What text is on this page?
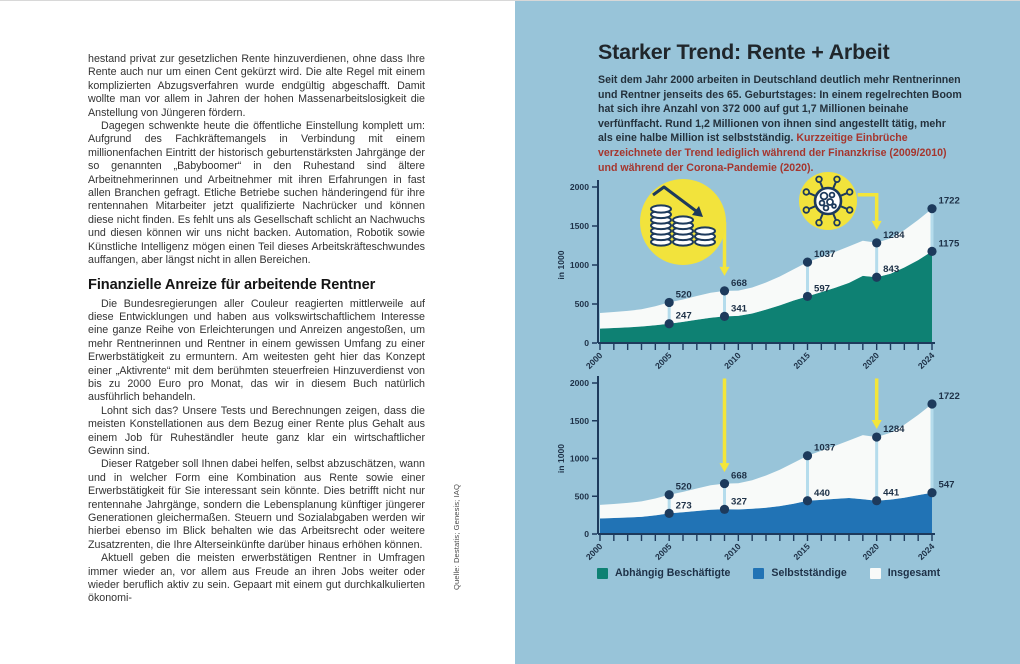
hestand privat zur gesetzlichen Rente hinzuverdienen, ohne dass Ihre Rente auch nur um einen Cent gekürzt wird. Die alte Regel mit einem komplizierten Abzugsverfahren wurde endgültig abgeschafft. Damit wollte man vor allem in Jahren der hohen Massenarbeitslosigkeit die Anstellung von Jüngeren fördern.

Dagegen schwenkte heute die öffentliche Einstellung komplett um: Aufgrund des Fachkräftemangels in Verbindung mit einem millionenfachen Eintritt der historisch geburtenstärksten Jahrgänge der so genannten „Babyboomer“ in den Ruhestand sind ältere Arbeitnehmerinnen und Arbeitnehmer mit ihren Erfahrungen in fast allen Branchen gefragt. Etliche Betriebe suchen händeringend für ihre rentennahen Mitarbeiter jetzt qualifizierte Nachrücker und können diese nicht finden. Es fehlt uns als Gesellschaft schlicht an Nachwuchs und diesen können wir uns nicht backen. Automation, Robotik sowie Künstliche Intelligenz mögen einen Teil dieses Arbeitskräfteschwundes auffangen, aber längst nicht in allen Bereichen.

Finanzielle Anreize für arbeitende Rentner

Die Bundesregierungen aller Couleur reagierten mittlerweile auf diese Entwicklungen und haben aus volkswirtschaftlichem Interesse eine ganze Reihe von Erleichterungen und Anreizen angestoßen, um mehr Rentnerinnen und Rentner in einem gewissen Umfang zu einer Erwerbstätigkeit zu ermuntern. Am weitesten geht hier das Konzept einer „Aktivrente“ mit dem berühmten steuerfreien Hinzuverdienst von bis zu 2000 Euro pro Monat, das wir in diesem Buch natürlich ausführlich behandeln.

Lohnt sich das? Unsere Tests und Berechnungen zeigen, dass die meisten Konstellationen aus dem Bezug einer Rente plus Gehalt aus einem Job für Ruheständler heute ganz klar ein wirtschaftlicher Gewinn sind.

Dieser Ratgeber soll Ihnen dabei helfen, selbst abzuschätzen, wann und in welcher Form eine Kombination aus Rente sowie einer Erwerbstätigkeit für Sie interessant sein könnte. Dies betrifft nicht nur rentennahe Jahrgänge, sondern die Lebensplanung künftiger jüngerer Generationen gleichermaßen. Steuern und Sozialabgaben werden wir hierbei ebenso im Blick behalten wie das Arbeitsrecht oder weitere Zusatzrenten, die Ihre Alterseinkünfte darüber hinaus erhöhen können.

Aktuell geben die meisten erwerbstätigen Rentner in Umfragen immer wieder an, vor allem aus Freude an ihren Jobs weiter oder wieder beruflich aktiv zu sein. Gepaart mit einem gut durchkalkulierten ökonomi-

Quelle: Destatis; Genesis; IAQ
Starker Trend: Rente + Arbeit

Seit dem Jahr 2000 arbeiten in Deutschland deutlich mehr Rentnerinnen und Rentner jenseits des 65. Geburtstages: In einem regelrechten Boom hat sich ihre Anzahl von 372 000 auf gut 1,7 Millionen beinahe verfünffacht. Rund 1,2 Millionen von ihnen sind angestellt tätig, mehr als eine halbe Million ist selbstständig. Kurzzeitige Einbrüche verzeichnete der Trend lediglich während der Finanzkrise (2009/2010) und während der Corona-Pandemie (2020).

0
500
1000
1500
2000
in 1000
2000	2005	2010	2015	2020	2024
520
247
668
341
1037
597
1284
843
1722
1175
0
500
1000
1500
2000
in 1000
2000	2005	2010	2015	2020	2024
520
273
668
327
1037
440
1284
441
1722
547
Abhängig Beschäftigte	Selbstständige	Insgesamt
